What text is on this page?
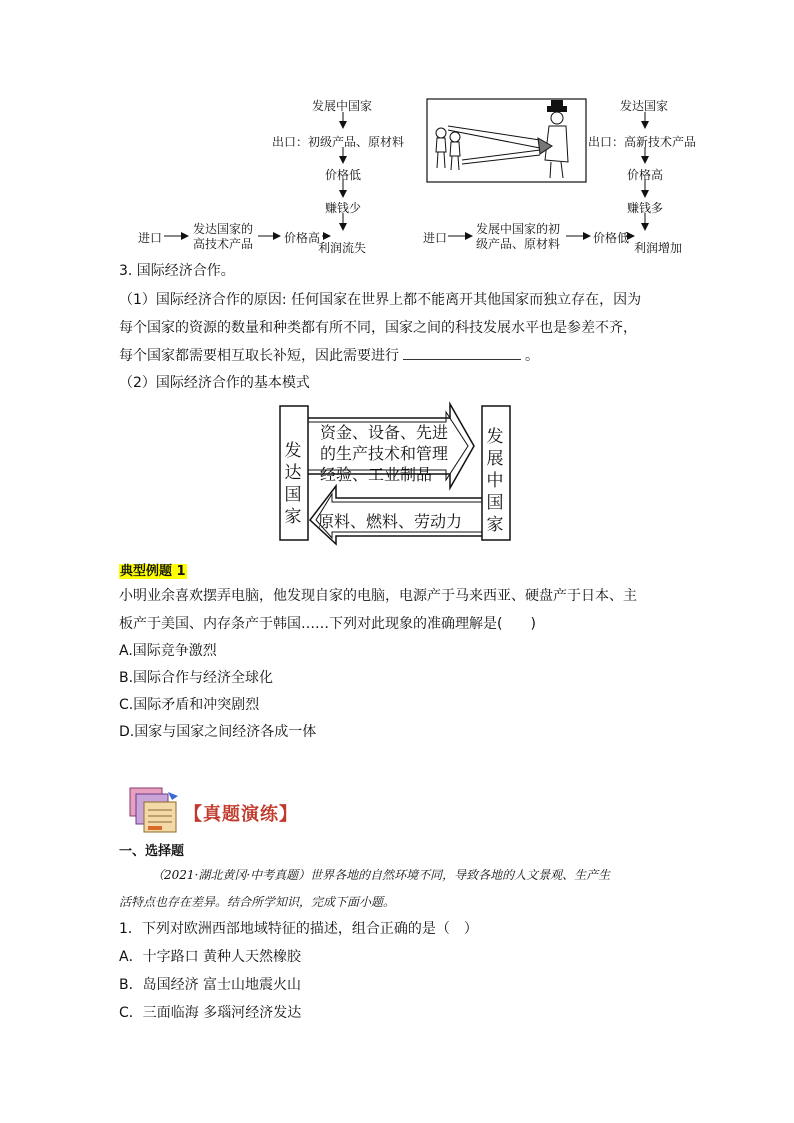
发展中国家
出口：初级产品、原材料
价格低
赚钱少
进口
发达国家的
高技术产品	价格高
利润流失
发达国家
出口：高新技术产品
价格高
赚钱多
进口
发展中国家的初
级产品、原材料	价格低
利润增加
3. 国际经济合作。
（1）国际经济合作的原因: 任何国家在世界上都不能离开其他国家而独立存在，因为
每个国家的资源的数量和种类都有所不同，国家之间的科技发展水平也是参差不齐，
每个国家都需要相互取长补短，因此需要进行	。
（2）国际经济合作的基本模式
发
达
国
家
发
展
中
国
家
资金、设备、先进
的生产技术和管理
经验、工业制品
原料、燃料、劳动力
典型例题 1
小明业余喜欢摆弄电脑，他发现自家的电脑，电源产于马来西亚、硬盘产于日本、主
板产于美国、内存条产于韩国……下列对此现象的准确理解是(　　)
A.国际竞争激烈
B.国际合作与经济全球化
C.国际矛盾和冲突剧烈
D.国家与国家之间经济各成一体
【真题演练】
一、选择题
（2021·湖北黄冈·中考真题）世界各地的自然环境不同，导致各地的人文景观、生产生
活特点也存在差异。结合所学知识，完成下面小题。
1．下列对欧洲西部地域特征的描述，组合正确的是（　）
A．十字路口 黄种人天然橡胶
B．岛国经济 富士山地震火山
C．三面临海 多瑙河经济发达
